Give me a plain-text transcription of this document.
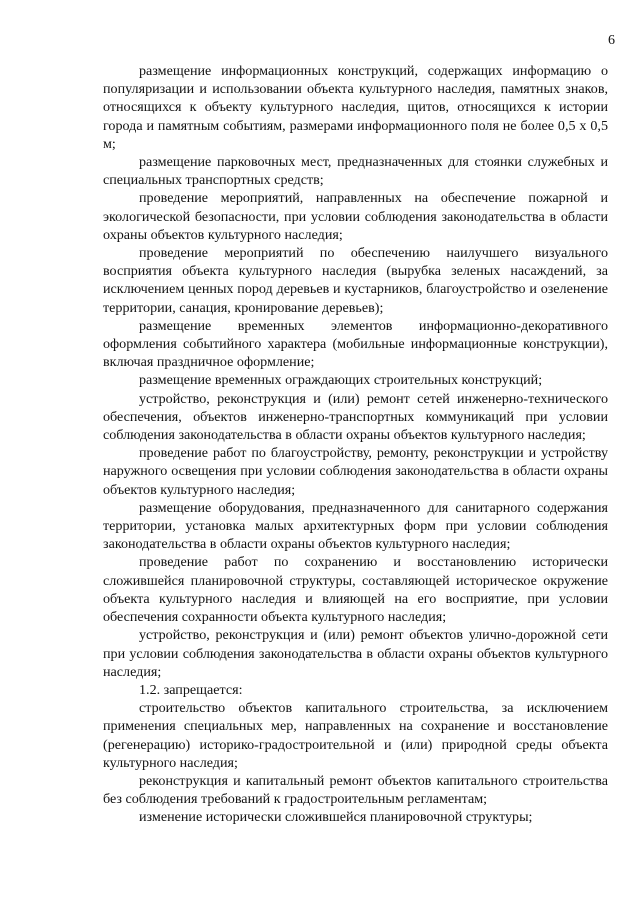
6

размещение информационных конструкций, содержащих информацию о популяризации и использовании объекта культурного наследия, памятных знаков, относящихся к объекту культурного наследия, щитов, относящихся к истории города и памятным событиям, размерами информационного поля не более 0,5 х 0,5 м;

размещение парковочных мест, предназначенных для стоянки служебных и специальных транспортных средств;

проведение мероприятий, направленных на обеспечение пожарной и экологической безопасности, при условии соблюдения законодательства в области охраны объектов культурного наследия;

проведение мероприятий по обеспечению наилучшего визуального восприятия объекта культурного наследия (вырубка зеленых насаждений, за исключением ценных пород деревьев и кустарников, благоустройство и озеленение территории, санация, кронирование деревьев);

размещение временных элементов информационно-декоративного оформления событийного характера (мобильные информационные конструкции), включая праздничное оформление;

размещение временных ограждающих строительных конструкций;

устройство, реконструкция и (или) ремонт сетей инженерно-технического обеспечения, объектов инженерно-транспортных коммуникаций при условии соблюдения законодательства в области охраны объектов культурного наследия;

проведение работ по благоустройству, ремонту, реконструкции и устройству наружного освещения при условии соблюдения законодательства в области охраны объектов культурного наследия;

размещение оборудования, предназначенного для санитарного содержания территории, установка малых архитектурных форм при условии соблюдения законодательства в области охраны объектов культурного наследия;

проведение работ по сохранению и восстановлению исторически сложившейся планировочной структуры, составляющей историческое окружение объекта культурного наследия и влияющей на его восприятие, при условии обеспечения сохранности объекта культурного наследия;

устройство, реконструкция и (или) ремонт объектов улично-дорожной сети при условии соблюдения законодательства в области охраны объектов культурного наследия;

1.2. запрещается:

строительство объектов капитального строительства, за исключением применения специальных мер, направленных на сохранение и восстановление (регенерацию) историко-градостроительной и (или) природной среды объекта культурного наследия;

реконструкция и капитальный ремонт объектов капитального строительства без соблюдения требований к градостроительным регламентам;

изменение исторически сложившейся планировочной структуры;
